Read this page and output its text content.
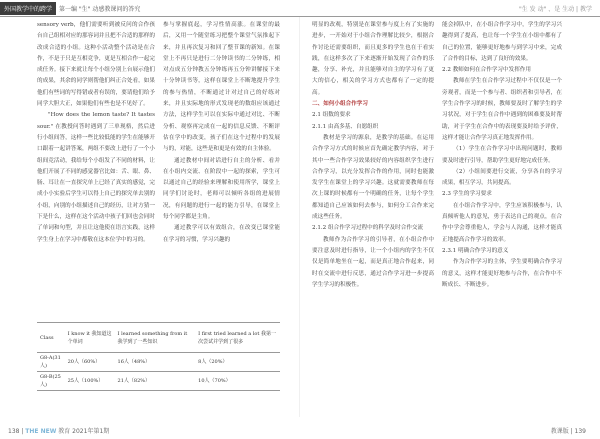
外国教学中的跨学	第一编 "生" 动感教课问的答究	"生 发 动" 、是 生动 | 教学

sensory verb，他们需要听到被反问的合作孩台自己组相对应的那容词并且把不合适的那样的改成合适的小组。这种小活动整个活动是在合作，不是于只是互相竞争，更是互相合作一起完成任务。接下来就让每个小组分别上台展示他们的成果，其余的同学则帮他们纠正合处看，如果他们有些词的写得错或者有误的，要请他们给予同学大胆大正，如果他们有些也是不见好了。

"How does the lemon taste? It tastes sour." 在教授问答时遇到了三单现格，然后进行小组间答，这样一些比较低能的学生在能够开口跟着一起讲答案，两组不要改上进行了一个小组间竞活动，我给每个小组发了不同的材料，让他们开展了不同的感觉器官比如：舌、眼、鼻、肠、耳让在一直探究单上已经了真实的感觉，完成小小实验后学生可以得上自己的探究单去别的小组，向别的小组描述自己的经历，让对方猜一下是什么，这样在这个活动中孩子们回也会同时了单词和句型，并且让这他使在语言实践，这样学生身上在学习中都敬在这本位学中的习的。

参与掌握底起，学习性情高涨。在课堂的最后，又用一个随堂练习把整个课堂气氛推起下来，并且再次复习和回了整节课的新知。在课堂上不再只是进行二分钟读书的二分钟练，相对点成五分钟教五分钟练再五分钟讲解接下来十分钟读书等，这样在课堂上不断地提升学生的参与热情，不断通过计对过自己的好练对来，并且实际地的形式发现老的数组应该通过方法，这样学生可以在实际中通过对比、不断分析、观察再完成在一起的信息反馈、不断评估在学中的改变，孩子们在这个过程中的发展与的，对能，这些是和更是有效的自主体验。

通过教材中间对话进行自主的分析、看并在小组内交流、在阶段中一起的探索，学生可以通过自己的经验来理解和使用所学，课堂上同学们讨论时，老师可以倾听各组的进展情况，有问题的进行一起的能力引导，在课堂上每个同学都是主角。

通过教学可以有效组合，在改变已课堂能在学习的习惯，学习兴趣的

Class	I know it 我知道这个单词	I learned something from it 我学到了一些知识	I first tried learned a lot 我第一次尝试并学到了很多
G8-A(31人)	20人（60%）	16人（48%）	8人（20%）
G8-B(25人)	25人（100%）	21人（82%）	10人（70%）

明显的改观，特别是在课堂参与度上有了实施的进步，一开始对于小组合作理解比较少，根据合作讨论还需要组织，而且更多的学生也在于看实践，在这样多次了下来逐渐开始发现了合作的乐趣，分享、补充，并且能够对自主的学习有了更大的信心，相关的学习方式也都有了一定的提高。

二、如何小组合作学习

2.1 组数的要求

2.1.1 由高多基、自愿组织

教材是学习的源泉，是教学的基础。在运用合作学习方式的时候应首先确定教学内容，对于其中一些合作学习效果较好的内容组织学生进行合作学习，以充分发挥合作的作用，同时也能激发学生在课堂上的学习兴趣。这就需要教师在每次上课的时候都有一个明确的任务，让每个学生都知道自己应该如何去参与，如何分工合作来完成这些任务。

2.1.2 组合作学习过程中的科学及时合作交流

教师作为合作学习的引导者，在小组合作中要注意及时进行指导，让一个小组内的学生不仅仅是简单地坐在一起，而是真正地合作起来，同时在交流中进行反思，通过合作学习进一步提高学生学习的积极性。

能会掉队中，在小组合作学习中，学生的学习兴趣得到了提高，也让每一个学生在小组中都有了自己的位置，能够更好地参与到学习中来，完成了合作的目标，达到了良好的效果。

2.2 教师如何在合作学习中发挥作用

教师在学生在合作学习过程中不仅仅是一个旁观者，而是一个参与者、组织者和引导者，在学生合作学习的时候，教师要及时了解学生的学习状况，对于学生在合作中遇到的困难要及时帮助，对于学生在合作中的表现要及时给予评价，这样才能让合作学习真正地发挥作用。

（1）学生在合作学习中出现问题时，教师要及时进行引导，帮助学生更好地完成任务。

（2）小组间要进行交流，分享各自的学习成果，相互学习，共同提高。

2.3 学生的学习要求

在小组合作学习中，学生应该积极参与，认真倾听他人的意见，勇于表达自己的观点，在合作中学会尊重他人，学会与人沟通，这样才能真正地提高合作学习的效率。

2.3.1 明确合作学习的意义

作为合作学习的主体，学生要明确合作学习的意义，这样才能更好地参与合作，在合作中不断成长、不断进步。

138 | THE NEW 教育 2021年第1期	教课版 | 139
